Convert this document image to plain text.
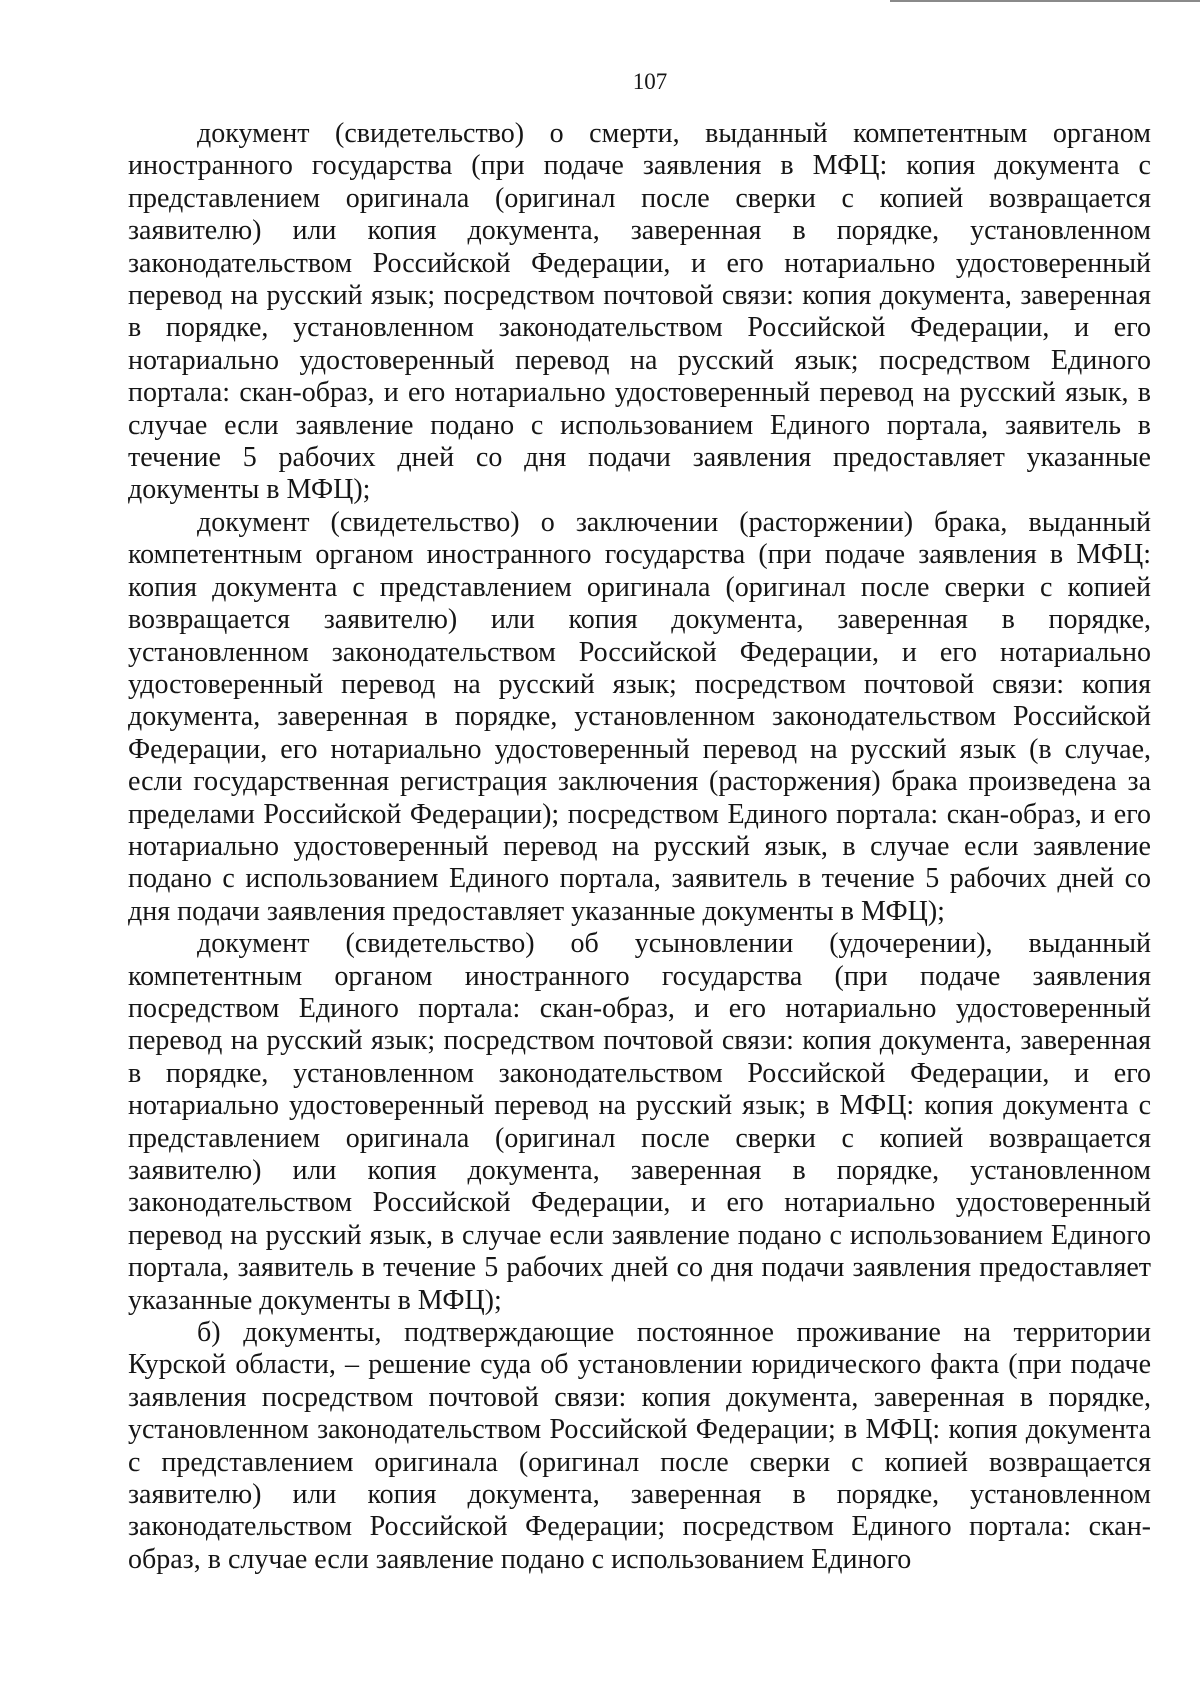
107

документ (свидетельство) о смерти, выданный компетентным органом иностранного государства (при подаче заявления в МФЦ: копия документа с представлением оригинала (оригинал после сверки с копией возвращается заявителю) или копия документа, заверенная в порядке, установленном законодательством Российской Федерации, и его нотариально удостоверенный перевод на русский язык; посредством почтовой связи: копия документа, заверенная в порядке, установленном законодательством Российской Федерации, и его нотариально удостоверенный перевод на русский язык; посредством Единого портала: скан-образ, и его нотариально удостоверенный перевод на русский язык, в случае если заявление подано с использованием Единого портала, заявитель в течение 5 рабочих дней со дня подачи заявления предоставляет указанные документы в МФЦ);

документ (свидетельство) о заключении (расторжении) брака, выданный компетентным органом иностранного государства (при подаче заявления в МФЦ: копия документа с представлением оригинала (оригинал после сверки с копией возвращается заявителю) или копия документа, заверенная в порядке, установленном законодательством Российской Федерации, и его нотариально удостоверенный перевод на русский язык; посредством почтовой связи: копия документа, заверенная в порядке, установленном законодательством Российской Федерации, его нотариально удостоверенный перевод на русский язык (в случае, если государственная регистрация заключения (расторжения) брака произведена за пределами Российской Федерации); посредством Единого портала: скан-образ, и его нотариально удостоверенный перевод на русский язык, в случае если заявление подано с использованием Единого портала, заявитель в течение 5 рабочих дней со дня подачи заявления предоставляет указанные документы в МФЦ);

документ (свидетельство) об усыновлении (удочерении), выданный компетентным органом иностранного государства (при подаче заявления посредством Единого портала: скан-образ, и его нотариально удостоверенный перевод на русский язык; посредством почтовой связи: копия документа, заверенная в порядке, установленном законодательством Российской Федерации, и его нотариально удостоверенный перевод на русский язык; в МФЦ: копия документа с представлением оригинала (оригинал после сверки с копией возвращается заявителю) или копия документа, заверенная в порядке, установленном законодательством Российской Федерации, и его нотариально удостоверенный перевод на русский язык, в случае если заявление подано с использованием Единого портала, заявитель в течение 5 рабочих дней со дня подачи заявления предоставляет указанные документы в МФЦ);

б) документы, подтверждающие постоянное проживание на территории Курской области, – решение суда об установлении юридического факта (при подаче заявления посредством почтовой связи: копия документа, заверенная в порядке, установленном законодательством Российской Федерации; в МФЦ: копия документа с представлением оригинала (оригинал после сверки с копией возвращается заявителю) или копия документа, заверенная в порядке, установленном законодательством Российской Федерации; посредством Единого портала: скан-образ, в случае если заявление подано с использованием Единого
